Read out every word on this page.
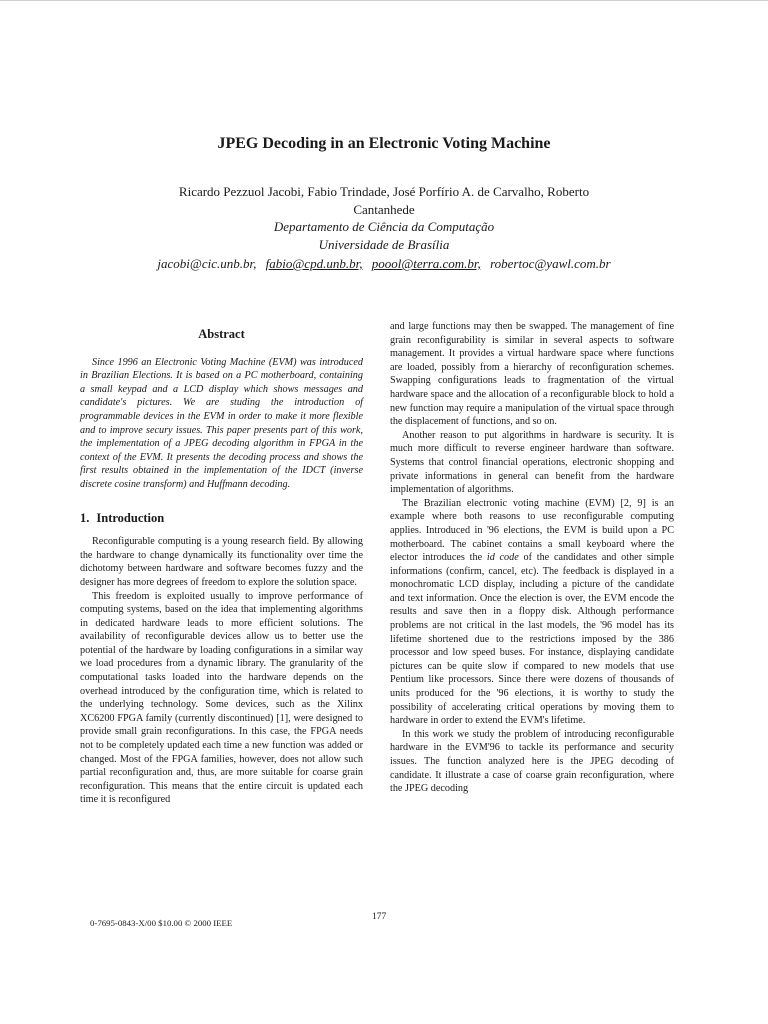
JPEG Decoding in an Electronic Voting Machine
Ricardo Pezzuol Jacobi, Fabio Trindade, José Porfírio A. de Carvalho, Roberto
Cantanhede
Departamento de Ciência da Computação
Universidade de Brasília
jacobi@cic.unb.br, fabio@cpd.unb.br, poool@terra.com.br, robertoc@yawl.com.br
Abstract

Since 1996 an Electronic Voting Machine (EVM) was introduced in Brazilian Elections. It is based on a PC motherboard, containing a small keypad and a LCD display which shows messages and candidate's pictures. We are studing the introduction of programmable devices in the EVM in order to make it more flexible and to improve secury issues. This paper presents part of this work, the implementation of a JPEG decoding algorithm in FPGA in the context of the EVM. It presents the decoding process and shows the first results obtained in the implementation of the IDCT (inverse discrete cosine transform) and Huffmann decoding.

1. Introduction

Reconfigurable computing is a young research field. By allowing the hardware to change dynamically its functionality over time the dichotomy between hardware and software becomes fuzzy and the designer has more degrees of freedom to explore the solution space.

This freedom is exploited usually to improve performance of computing systems, based on the idea that implementing algorithms in dedicated hardware leads to more efficient solutions. The availability of reconfigurable devices allow us to better use the potential of the hardware by loading configurations in a similar way we load procedures from a dynamic library. The granularity of the computational tasks loaded into the hardware depends on the overhead introduced by the configuration time, which is related to the underlying technology. Some devices, such as the Xilinx XC6200 FPGA family (currently discontinued) [1], were designed to provide small grain reconfigurations. In this case, the FPGA needs not to be completely updated each time a new function was added or changed. Most of the FPGA families, however, does not allow such partial reconfiguration and, thus, are more suitable for coarse grain reconfiguration. This means that the entire circuit is updated each time it is reconfigured

and large functions may then be swapped. The management of fine grain reconfigurability is similar in several aspects to software management. It provides a virtual hardware space where functions are loaded, possibly from a hierarchy of reconfiguration schemes. Swapping configurations leads to fragmentation of the virtual hardware space and the allocation of a reconfigurable block to hold a new function may require a manipulation of the virtual space through the displacement of functions, and so on.

Another reason to put algorithms in hardware is security. It is much more difficult to reverse engineer hardware than software. Systems that control financial operations, electronic shopping and private informations in general can benefit from the hardware implementation of algorithms.

The Brazilian electronic voting machine (EVM) [2, 9] is an example where both reasons to use reconfigurable computing applies. Introduced in '96 elections, the EVM is build upon a PC motherboard. The cabinet contains a small keyboard where the elector introduces the id code of the candidates and other simple informations (confirm, cancel, etc). The feedback is displayed in a monochromatic LCD display, including a picture of the candidate and text information. Once the election is over, the EVM encode the results and save then in a floppy disk. Although performance problems are not critical in the last models, the '96 model has its lifetime shortened due to the restrictions imposed by the 386 processor and low speed buses. For instance, displaying candidate pictures can be quite slow if compared to new models that use Pentium like processors. Since there were dozens of thousands of units produced for the '96 elections, it is worthy to study the possibility of accelerating critical operations by moving them to hardware in order to extend the EVM's lifetime.

In this work we study the problem of introducing reconfigurable hardware in the EVM'96 to tackle its performance and security issues. The function analyzed here is the JPEG decoding of candidate. It illustrate a case of coarse grain reconfiguration, where the JPEG decoding

0-7695-0843-X/00 $10.00 © 2000 IEEE
177
